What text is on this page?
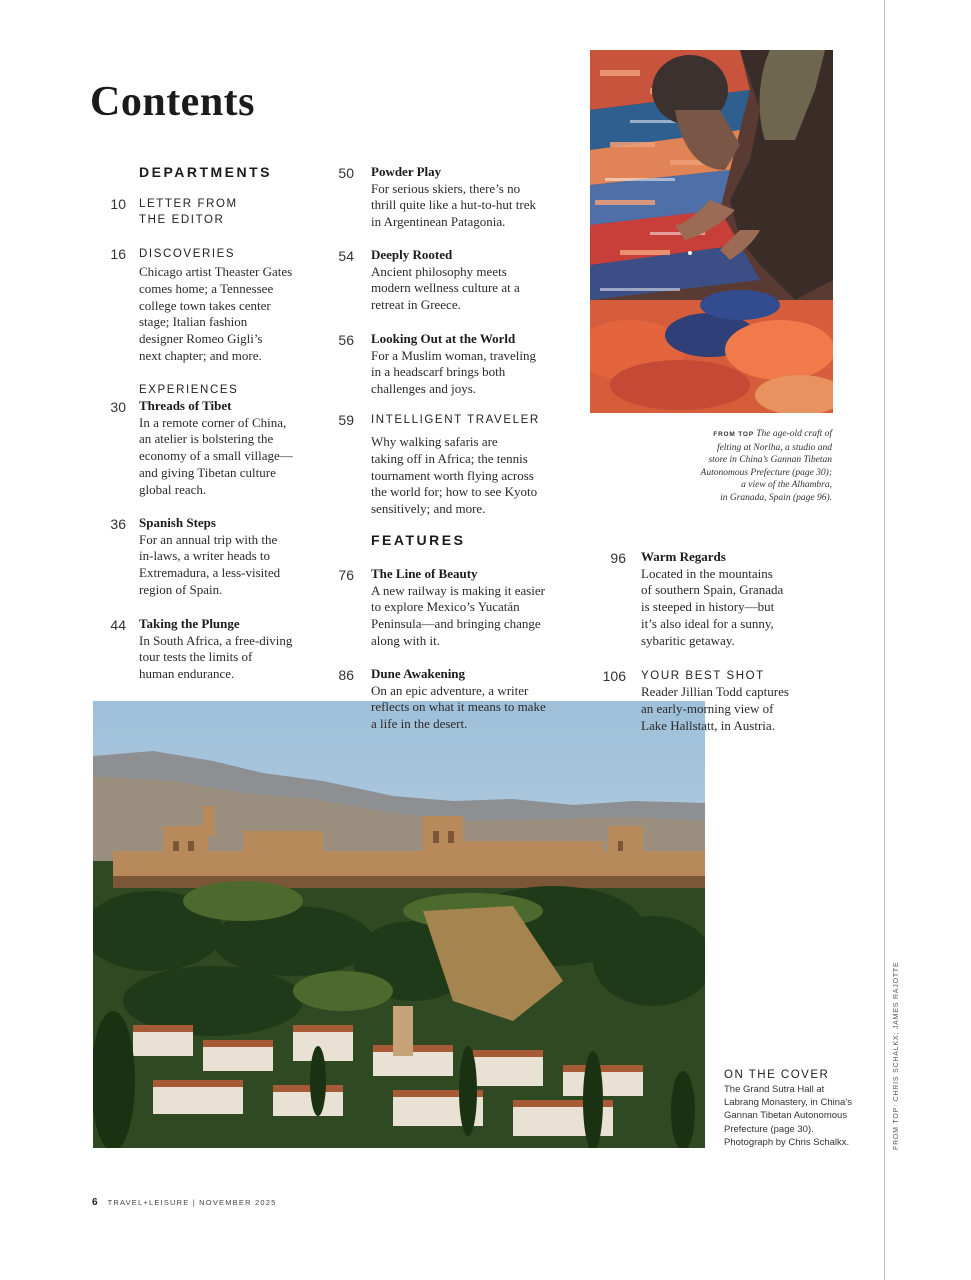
Contents
FROM TOP The age-old craft of
felting at Norlha, a studio and
store in China’s Gannan Tibetan
Autonomous Prefecture (page 30);
a view of the Alhambra,
in Granada, Spain (page 96).
DEPARTMENTS
10 LETTER FROM
THE EDITOR
16 DISCOVERIES
Chicago artist Theaster Gates
comes home; a Tennessee
college town takes center
stage; Italian fashion
designer Romeo Gigli’s
next chapter; and more.
EXPERIENCES
30 Threads of Tibet
In a remote corner of China,
an atelier is bolstering the
economy of a small village—
and giving Tibetan culture
global reach.
36 Spanish Steps
For an annual trip with the
in-laws, a writer heads to
Extremadura, a less-visited
region of Spain.
44 Taking the Plunge
In South Africa, a free-diving
tour tests the limits of
human endurance.
50 Powder Play
For serious skiers, there’s no
thrill quite like a hut-to-hut trek
in Argentinean Patagonia.
54 Deeply Rooted
Ancient philosophy meets
modern wellness culture at a
retreat in Greece.
56 Looking Out at the World
For a Muslim woman, traveling
in a headscarf brings both
challenges and joys.
59 INTELLIGENT TRAVELER
Why walking safaris are
taking off in Africa; the tennis
tournament worth flying across
the world for; how to see Kyoto
sensitively; and more.
FEATURES
76 The Line of Beauty
A new railway is making it easier
to explore Mexico’s Yucatán
Peninsula—and bringing change
along with it.
86 Dune Awakening
On an epic adventure, a writer
reflects on what it means to make
a life in the desert.
96 Warm Regards
Located in the mountains
of southern Spain, Granada
is steeped in history—but
it’s also ideal for a sunny,
sybaritic getaway.
106 YOUR BEST SHOT
Reader Jillian Todd captures
an early-morning view of
Lake Hallstatt, in Austria.
ON THE COVER
The Grand Sutra Hall at
Labrang Monastery, in China’s
Gannan Tibetan Autonomous
Prefecture (page 30).
Photograph by Chris Schalkx.	FROM TOP: CHRIS SCHALKX; JAMES RAJOTTE
6 TRAVEL+LEISURE | NOVEMBER 2025
